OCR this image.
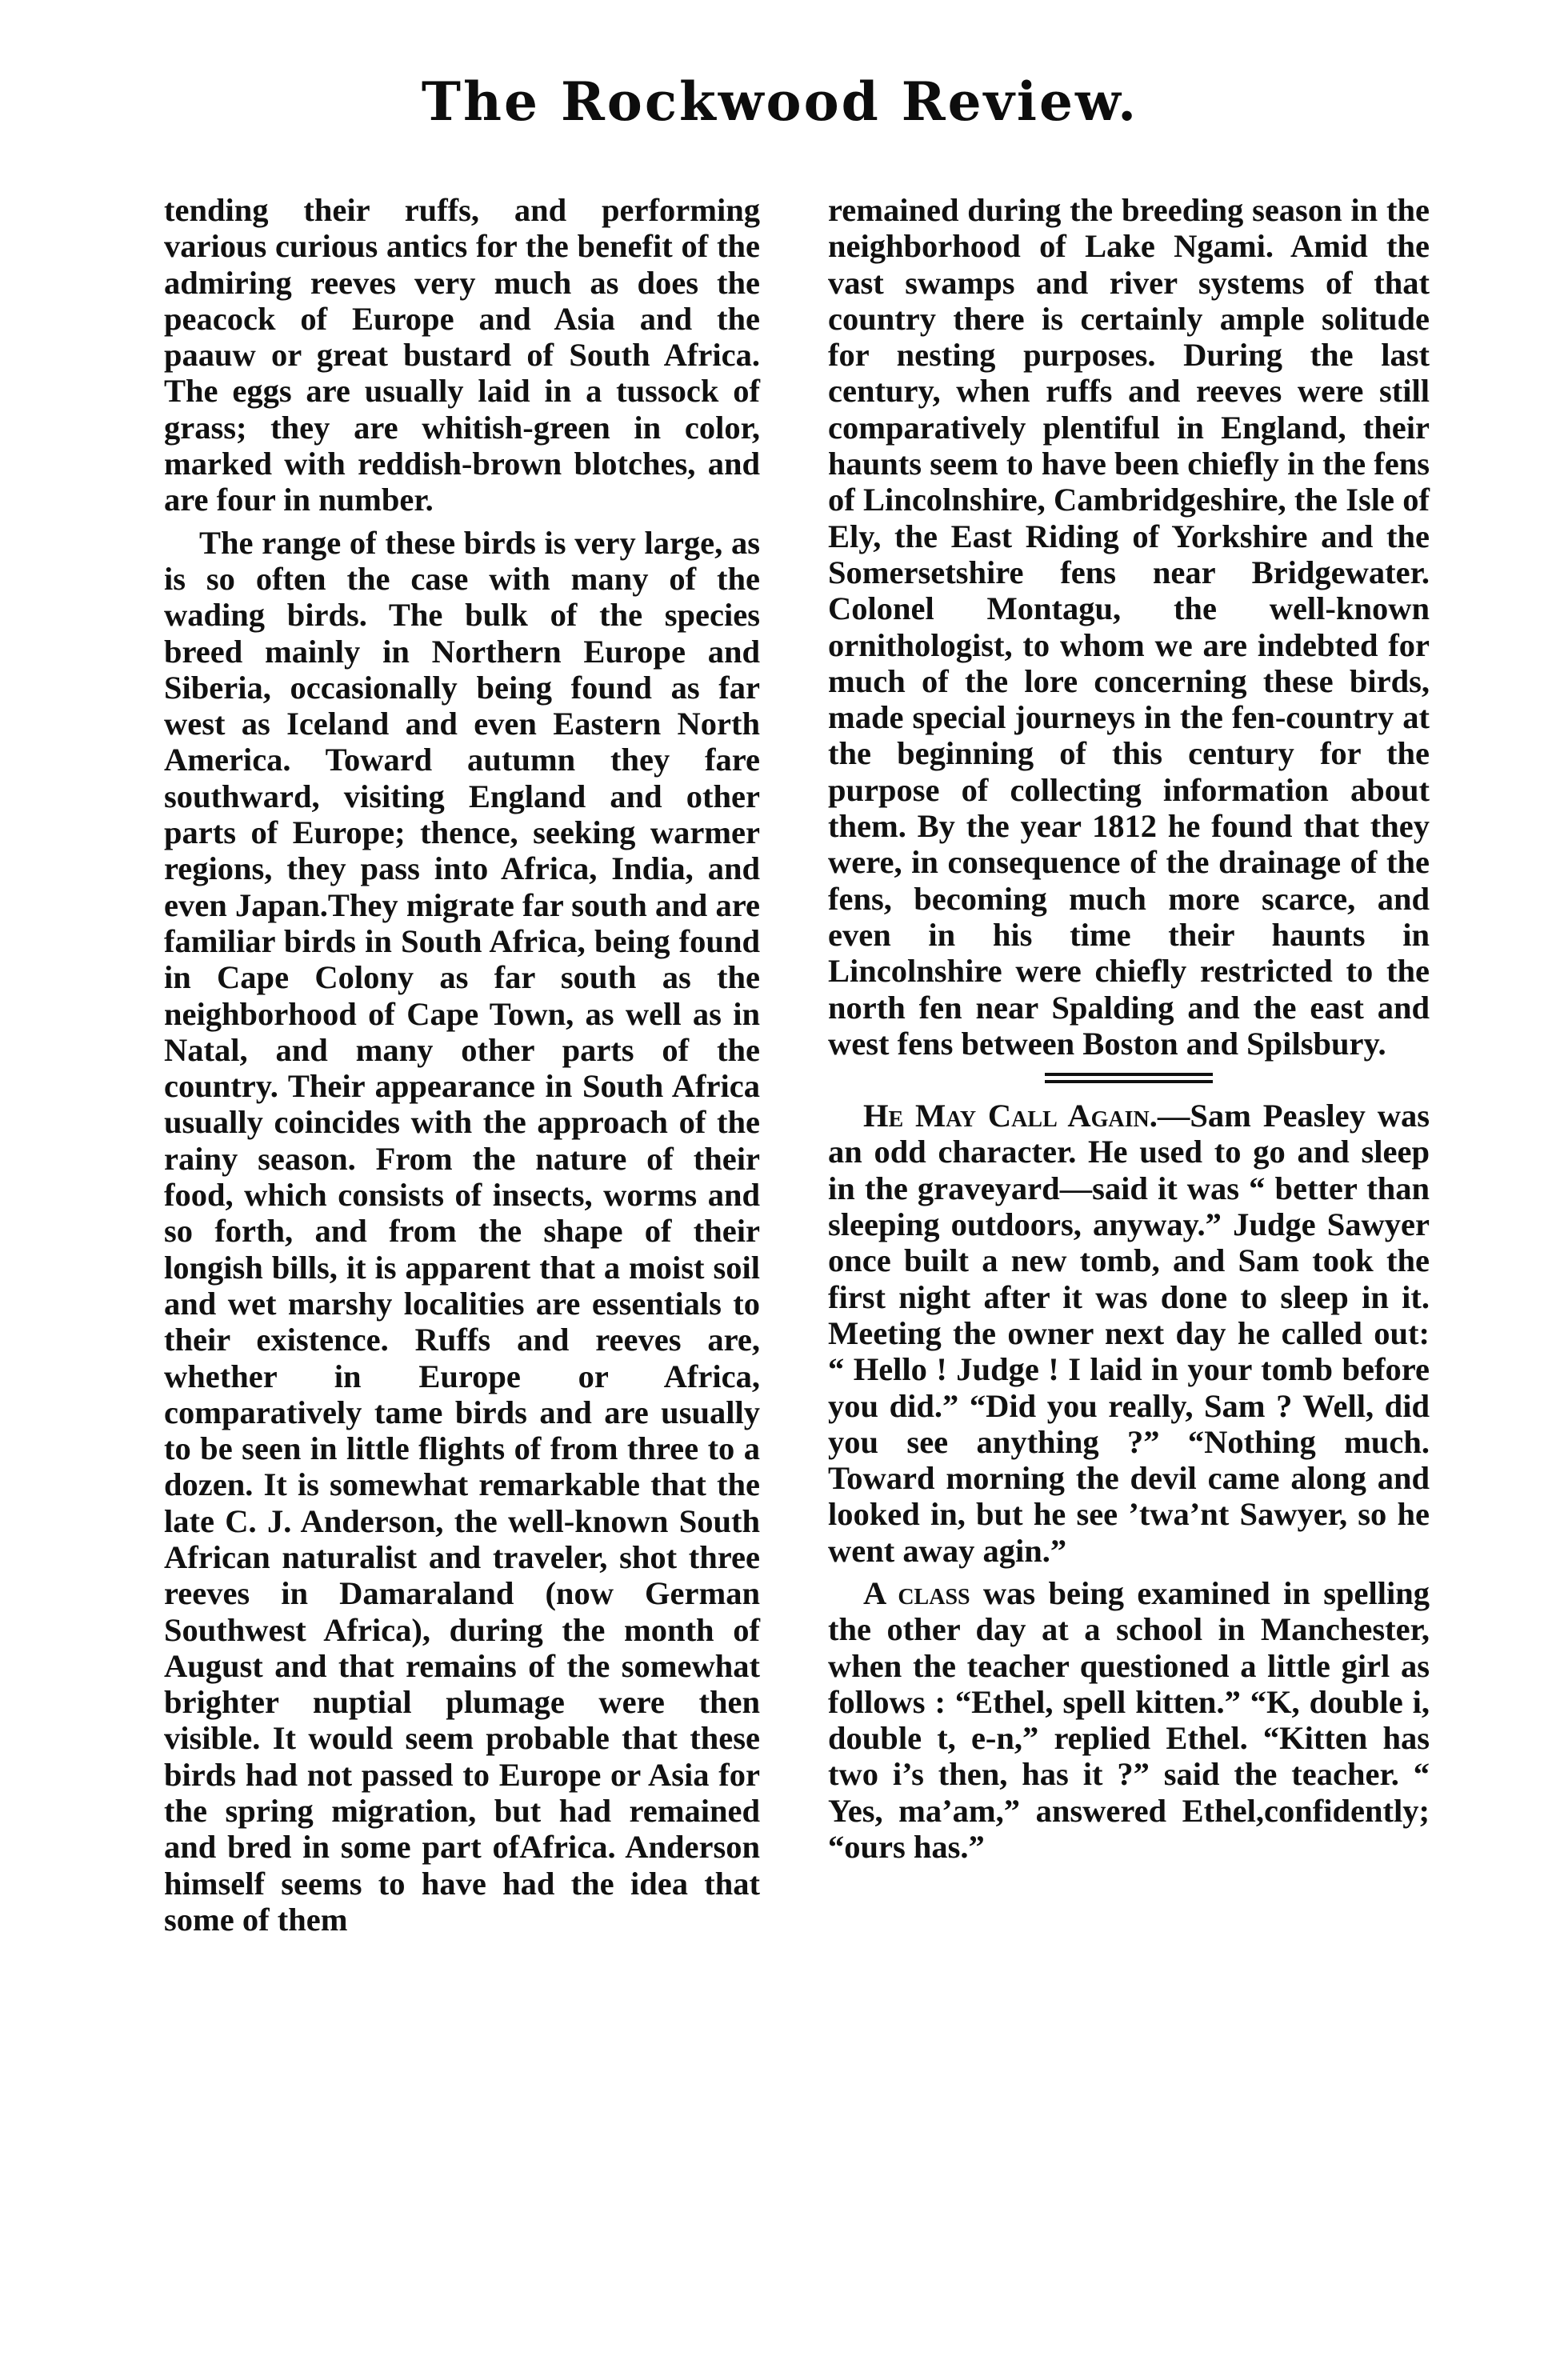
The Rockwood Review.

tending their ruffs, and performing various curious antics for the benefit of the admiring reeves very much as does the peacock of Europe and Asia and the paauw or great bustard of South Africa. The eggs are usually laid in a tussock of grass; they are whitish-green in color, marked with reddish-brown blotches, and are four in number.

The range of these birds is very large, as is so often the case with many of the wading birds. The bulk of the species breed mainly in Northern Europe and Siberia, occasionally being found as far west as Iceland and even Eastern North America. Toward autumn they fare southward, visiting England and other parts of Europe; thence, seeking warmer regions, they pass into Africa, India, and even Japan.They migrate far south and are familiar birds in South Africa, being found in Cape Colony as far south as the neighborhood of Cape Town, as well as in Natal, and many other parts of the country. Their appearance in South Africa usually coincides with the approach of the rainy season. From the nature of their food, which consists of insects, worms and so forth, and from the shape of their longish bills, it is apparent that a moist soil and wet marshy localities are essentials to their existence. Ruffs and reeves are, whether in Europe or Africa, comparatively tame birds and are usually to be seen in little flights of from three to a dozen. It is somewhat remarkable that the late C. J. Anderson, the well-known South African naturalist and traveler, shot three reeves in Damaraland (now German Southwest Africa), during the month of August and that remains of the somewhat brighter nuptial plumage were then visible. It would seem probable that these birds had not passed to Europe or Asia for the spring migration, but had remained and bred in some part ofAfrica. Anderson himself seems to have had the idea that some of them

remained during the breeding season in the neighborhood of Lake Ngami. Amid the vast swamps and river systems of that country there is certainly ample solitude for nesting purposes. During the last century, when ruffs and reeves were still comparatively plentiful in England, their haunts seem to have been chiefly in the fens of Lincolnshire, Cambridgeshire, the Isle of Ely, the East Riding of Yorkshire and the Somersetshire fens near Bridgewater. Colonel Montagu, the well-known ornithologist, to whom we are indebted for much of the lore concerning these birds, made special journeys in the fen-country at the beginning of this century for the purpose of collecting information about them. By the year 1812 he found that they were, in consequence of the drainage of the fens, becoming much more scarce, and even in his time their haunts in Lincolnshire were chiefly restricted to the north fen near Spalding and the east and west fens between Boston and Spilsbury.

He May Call Again.—Sam Peasley was an odd character. He used to go and sleep in the graveyard—said it was “ better than sleeping outdoors, anyway.” Judge Sawyer once built a new tomb, and Sam took the first night after it was done to sleep in it. Meeting the owner next day he called out: “ Hello ! Judge ! I laid in your tomb before you did.” “Did you really, Sam ? Well, did you see anything ?” “Nothing much. Toward morning the devil came along and looked in, but he see ’twa’nt Sawyer, so he went away agin.”

A class was being examined in spelling the other day at a school in Manchester, when the teacher questioned a little girl as follows : “Ethel, spell kitten.” “K, double i, double t, e-n,” replied Ethel. “Kitten has two i’s then, has it ?” said the teacher. “ Yes, ma’am,” answered Ethel,confidently; “ours has.”
